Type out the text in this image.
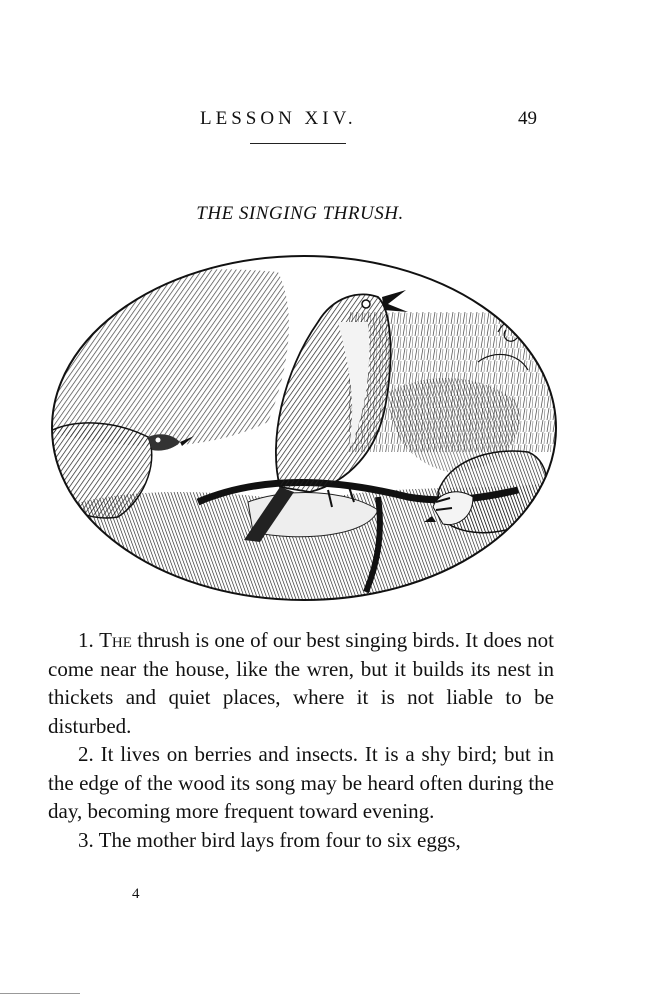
LESSON XIV.	49
THE SINGING THRUSH.

1. The thrush is one of our best singing birds. It does not come near the house, like the wren, but it builds its nest in thickets and quiet places, where it is not liable to be disturbed.

2. It lives on berries and insects. It is a shy bird; but in the edge of the wood its song may be heard often during the day, becoming more frequent toward evening.

3. The mother bird lays from four to six eggs,

4
